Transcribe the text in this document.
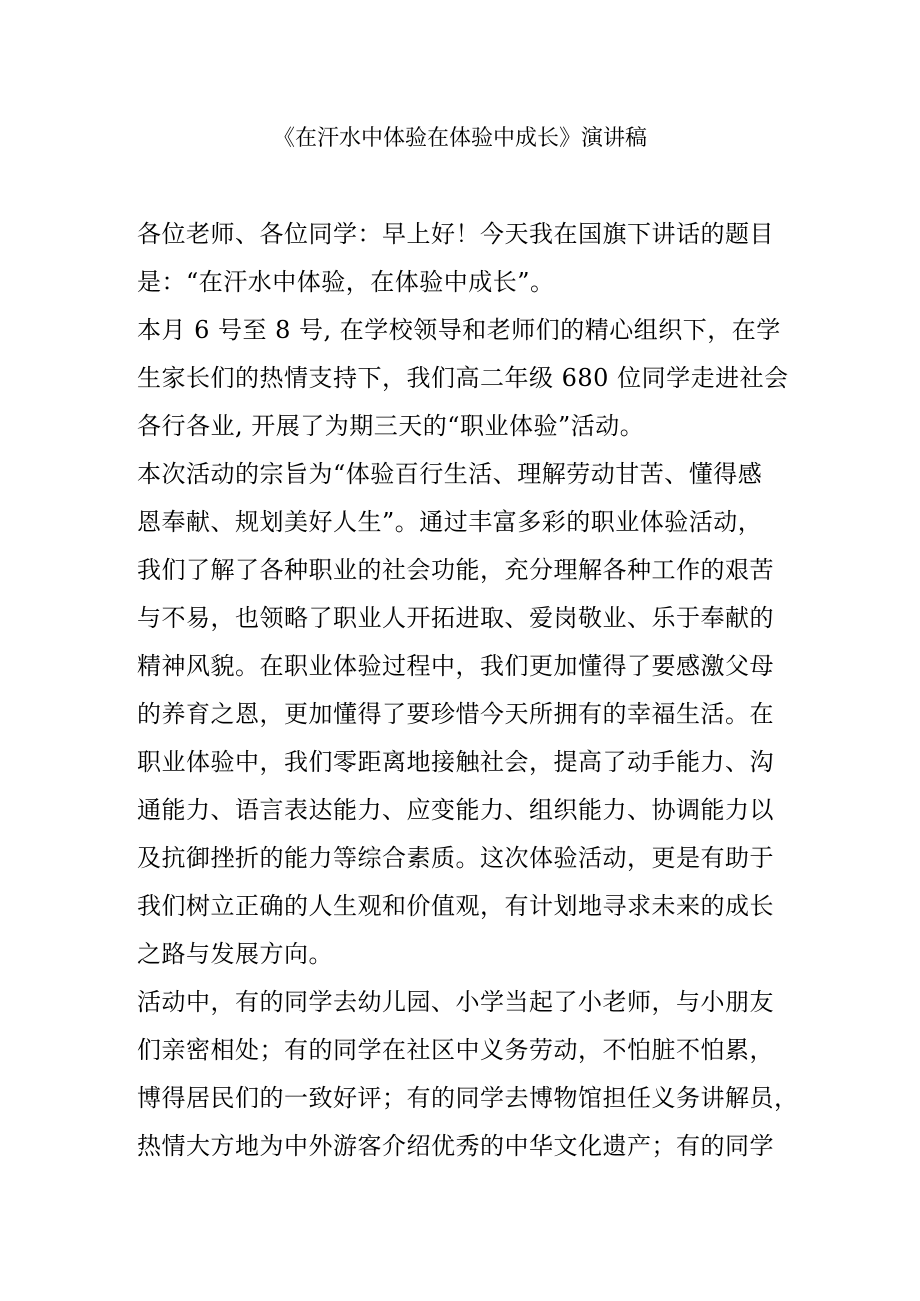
《在汗水中体验在体验中成长》演讲稿

各位老师、各位同学：早上好！今天我在国旗下讲话的题目

是：“在汗水中体验，在体验中成长”。

本月 6 号至 8 号, 在学校领导和老师们的精心组织下，在学

生家长们的热情支持下，我们高二年级 680 位同学走进社会

各行各业, 开展了为期三天的“职业体验”活动。

本次活动的宗旨为“体验百行生活、理解劳动甘苦、懂得感

恩奉献、规划美好人生”。通过丰富多彩的职业体验活动，

我们了解了各种职业的社会功能，充分理解各种工作的艰苦

与不易，也领略了职业人开拓进取、爱岗敬业、乐于奉献的

精神风貌。在职业体验过程中，我们更加懂得了要感激父母

的养育之恩，更加懂得了要珍惜今天所拥有的幸福生活。在

职业体验中，我们零距离地接触社会，提高了动手能力、沟

通能力、语言表达能力、应变能力、组织能力、协调能力以

及抗御挫折的能力等综合素质。这次体验活动，更是有助于

我们树立正确的人生观和价值观，有计划地寻求未来的成长

之路与发展方向。

活动中，有的同学去幼儿园、小学当起了小老师，与小朋友

们亲密相处；有的同学在社区中义务劳动，不怕脏不怕累，

博得居民们的一致好评；有的同学去博物馆担任义务讲解员，

热情大方地为中外游客介绍优秀的中华文化遗产；有的同学
